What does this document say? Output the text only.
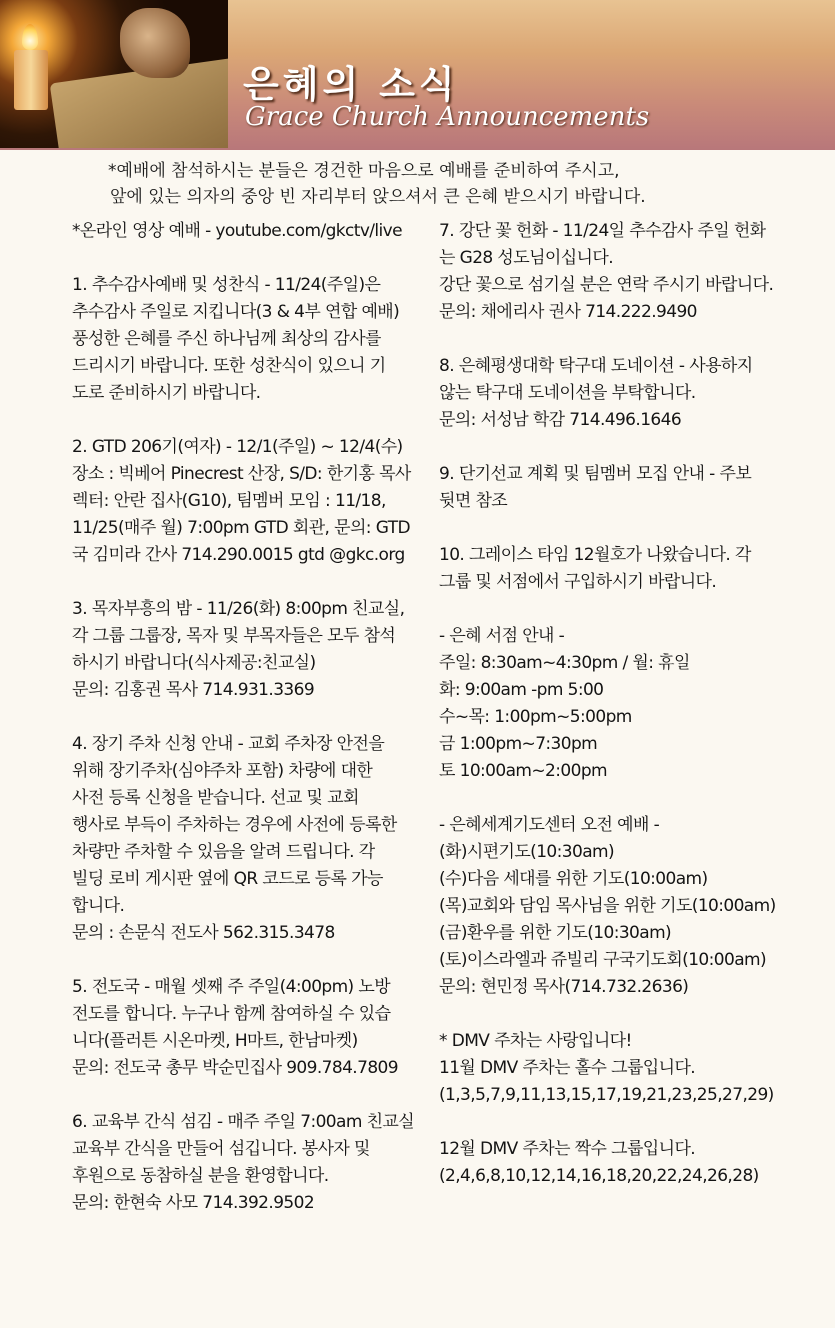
은혜의 소식
Grace Church Announcements
*예배에 참석하시는 분들은 경건한 마음으로 예배를 준비하여 주시고,
앞에 있는 의자의 중앙 빈 자리부터 앉으셔서 큰 은혜 받으시기 바랍니다.
*온라인 영상 예배 - youtube.com/gkctv/live
1. 추수감사예배 및 성찬식 - 11/24(주일)은
추수감사 주일로 지킵니다(3 & 4부 연합 예배)
풍성한 은혜를 주신 하나님께 최상의 감사를
드리시기 바랍니다. 또한 성찬식이 있으니 기
도로 준비하시기 바랍니다.
2. GTD 206기(여자) - 12/1(주일) ~ 12/4(수)
장소 : 빅베어 Pinecrest 산장, S/D: 한기홍 목사
렉터: 안란 집사(G10), 팀멤버 모임 : 11/18,
11/25(매주 월) 7:00pm GTD 회관, 문의: GTD
국 김미라 간사 714.290.0015 gtd @gkc.org
3. 목자부흥의 밤 - 11/26(화) 8:00pm 친교실,
각 그룹 그룹장, 목자 및 부목자들은 모두 참석
하시기 바랍니다(식사제공:친교실)
문의: 김홍권 목사 714.931.3369
4. 장기 주차 신청 안내 - 교회 주차장 안전을
위해 장기주차(심야주차 포함) 차량에 대한
사전 등록 신청을 받습니다. 선교 및 교회
행사로 부득이 주차하는 경우에 사전에 등록한
차량만 주차할 수 있음을 알려 드립니다. 각
빌딩 로비 게시판 옆에 QR 코드로 등록 가능
합니다.
문의 : 손문식 전도사 562.315.3478
5. 전도국 - 매월 셋째 주 주일(4:00pm) 노방
전도를 합니다. 누구나 함께 참여하실 수 있습
니다(플러튼 시온마켓, H마트, 한남마켓)
문의: 전도국 총무 박순민집사 909.784.7809
6. 교육부 간식 섬김 - 매주 주일 7:00am 친교실
교육부 간식을 만들어 섬깁니다. 봉사자 및
후원으로 동참하실 분을 환영합니다.
문의: 한현숙 사모 714.392.9502
7. 강단 꽃 헌화 - 11/24일 추수감사 주일 헌화
는 G28 성도님이십니다.
강단 꽃으로 섬기실 분은 연락 주시기 바랍니다.
문의: 채에리사 권사 714.222.9490
8. 은혜평생대학 탁구대 도네이션 - 사용하지
않는 탁구대 도네이션을 부탁합니다.
문의: 서성남 학감 714.496.1646
9. 단기선교 계획 및 팀멤버 모집 안내 - 주보
뒷면 참조
10. 그레이스 타임 12월호가 나왔습니다. 각
그룹 및 서점에서 구입하시기 바랍니다.
- 은혜 서점 안내 -
주일: 8:30am~4:30pm / 월: 휴일
화: 9:00am -pm 5:00
수~목: 1:00pm~5:00pm
금 1:00pm~7:30pm
토 10:00am~2:00pm
- 은혜세계기도센터 오전 예배 -
(화)시편기도(10:30am)
(수)다음 세대를 위한 기도(10:00am)
(목)교회와 담임 목사님을 위한 기도(10:00am)
(금)환우를 위한 기도(10:30am)
(토)이스라엘과 쥬빌리 구국기도회(10:00am)
문의: 현민정 목사(714.732.2636)
* DMV 주차는 사랑입니다!
11월 DMV 주차는 홀수 그룹입니다.
(1,3,5,7,9,11,13,15,17,19,21,23,25,27,29)
12월 DMV 주차는 짝수 그룹입니다.
(2,4,6,8,10,12,14,16,18,20,22,24,26,28)
